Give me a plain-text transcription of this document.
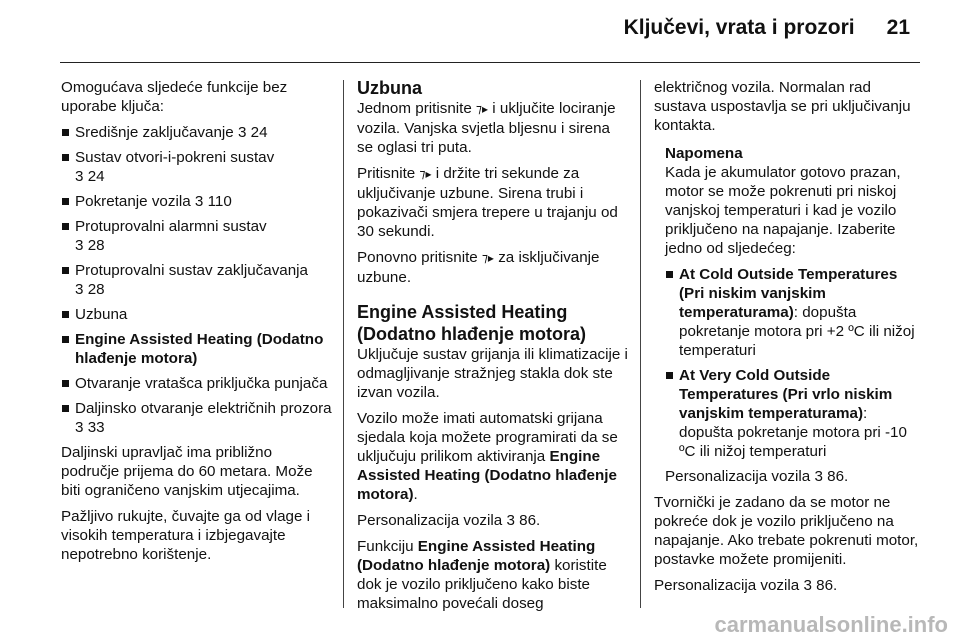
Ključevi, vrata i prozori 21

Omogućava sljedeće funkcije bez uporabe ključa:

Središnje zaključavanje 3 24
Sustav otvori-i-pokreni sustav
3 24
Pokretanje vozila 3 110
Protuprovalni alarmni sustav
3 28
Protuprovalni sustav zaključavanja
3 28
Uzbuna
Engine Assisted Heating (Dodatno hlađenje motora)
Otvaranje vratašca priključka punjača
Daljinsko otvaranje električnih prozora 3 33

Daljinski upravljač ima približno područje prijema do 60 metara. Može biti ograničeno vanjskim utjecajima.

Pažljivo rukujte, čuvajte ga od vlage i visokih temperatura i izbjegavajte nepotrebno korištenje.

Uzbuna

Jednom pritisnite ⁊▸ i uključite lociranje vozila. Vanjska svjetla bljesnu i sirena se oglasi tri puta.

Pritisnite ⁊▸ i držite tri sekunde za uključivanje uzbune. Sirena trubi i pokazivači smjera trepere u trajanju od 30 sekundi.

Ponovno pritisnite ⁊▸ za isključivanje uzbune.

Engine Assisted Heating (Dodatno hlađenje motora)

Uključuje sustav grijanja ili klimatizacije i odmagljivanje stražnjeg stakla dok ste izvan vozila.

Vozilo može imati automatski grijana sjedala koja možete programirati da se uključuju prilikom aktiviranja Engine Assisted Heating (Dodatno hlađenje motora).

Personalizacija vozila 3 86.

Funkciju Engine Assisted Heating (Dodatno hlađenje motora) koristite dok je vozilo priključeno kako biste maksimalno povećali doseg

električnog vozila. Normalan rad sustava uspostavlja se pri uključivanju kontakta.

Napomena

Kada je akumulator gotovo prazan, motor se može pokrenuti pri niskoj vanjskoj temperaturi i kad je vozilo priključeno na napajanje. Izaberite jedno od sljedećeg:

At Cold Outside Temperatures (Pri niskim vanjskim temperaturama): dopušta pokretanje motora pri +2 ºC ili nižoj temperaturi
At Very Cold Outside Temperatures (Pri vrlo niskim vanjskim temperaturama): dopušta pokretanje motora pri -10 ºC ili nižoj temperaturi

Personalizacija vozila 3 86.

Tvornički je zadano da se motor ne pokreće dok je vozilo priključeno na napajanje. Ako trebate pokrenuti motor, postavke možete promijeniti.

Personalizacija vozila 3 86.

carmanualsonline.info
